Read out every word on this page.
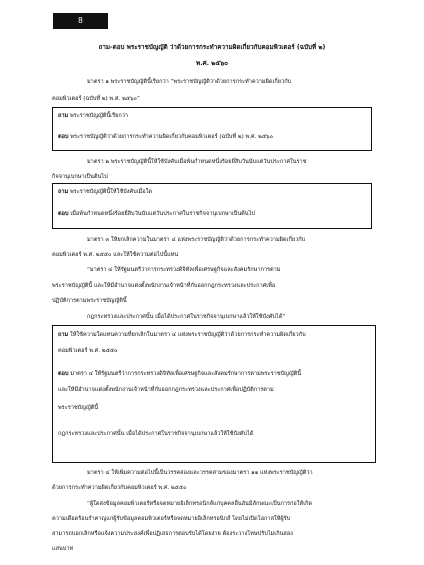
8
ถาม-ตอบ พระราชบัญญัติ ว่าด้วยการกระทำความผิดเกี่ยวกับคอมพิวเตอร์ (ฉบับที่ ๒)
พ.ศ. ๒๕๖๐
มาตรา ๑ พระราชบัญญัตินี้เรียกว่า “พระราชบัญญัติว่าด้วยการกระทำความผิดเกี่ยวกับ
คอมพิวเตอร์ (ฉบับที่ ๒) พ.ศ. ๒๕๖๐”
ถาม พระราชบัญญัตินี้เรียกว่า
ตอบ พระราชบัญญัติว่าด้วยการกระทำความผิดเกี่ยวกับคอมพิวเตอร์ (ฉบับที่ ๒) พ.ศ. ๒๕๖๐
มาตรา ๒ พระราชบัญญัตินี้ให้ใช้บังคับเมื่อพ้นกำหนดหนึ่งร้อยยี่สิบวันนับแต่วันประกาศในราช
กิจจานุเบกษาเป็นต้นไป
ถาม พระราชบัญญัตินี้ให้ใช้บังคับเมื่อใด
ตอบ เมื่อพ้นกำหนดหนึ่งร้อยยี่สิบวันนับแต่วันประกาศในราชกิจจานุเบกษาเป็นต้นไป
มาตรา ๓ ให้ยกเลิกความในมาตรา ๔ แห่งพระราชบัญญัติว่าด้วยการกระทำความผิดเกี่ยวกับ
คอมพิวเตอร์ พ.ศ. ๒๕๕๐ และให้ใช้ความต่อไปนี้แทน
“มาตรา ๔ ให้รัฐมนตรีว่าการกระทรวงดิจิทัลเพื่อเศรษฐกิจและสังคมรักษาการตาม
พระราชบัญญัตินี้ และให้มีอำนาจแต่งตั้งพนักงานเจ้าหน้าที่กับออกกฎกระทรวงและประกาศเพื่อ
ปฏิบัติการตามพระราชบัญญัตินี้
กฎกระทรวงและประกาศนั้น เมื่อได้ประกาศในราชกิจจานุเบกษาแล้วให้ใช้บังคับได้”
ถาม ให้ใช้ความใดแทนความที่ยกเลิกในมาตรา ๔ แห่งพระราชบัญญัติว่าด้วยการกระทำความผิดเกี่ยวกับ
คอมพิวเตอร์ พ.ศ. ๒๕๕๐
ตอบ มาตรา ๔ ให้รัฐมนตรีว่าการกระทรวงดิจิทัลเพื่อเศรษฐกิจและสังคมรักษาการตามพระราชบัญญัตินี้
และให้มีอำนาจแต่งตั้งพนักงานเจ้าหน้าที่กับออกกฎกระทรวงและประกาศเพื่อปฏิบัติการตาม
พระราชบัญญัตินี้
กฎกระทรวงและประกาศนั้น เมื่อได้ประกาศในราชกิจจานุเบกษาแล้วให้ใช้บังคับได้
มาตรา ๔ ให้เพิ่มความต่อไปนี้เป็นวรรคสองและวรรคสามของมาตรา ๑๑ แห่งพระราชบัญญัติว่า
ด้วยการกระทำความผิดเกี่ยวกับคอมพิวเตอร์ พ.ศ. ๒๕๕๐
“ผู้ใดส่งข้อมูลคอมพิวเตอร์หรือจดหมายอิเล็กทรอนิกส์แก่บุคคลอื่นอันมีลักษณะเป็นการก่อให้เกิด
ความเดือดร้อนรำคาญแก่ผู้รับข้อมูลคอมพิวเตอร์หรือจดหมายอิเล็กทรอนิกส์ โดยไม่เปิดโอกาสให้ผู้รับ
สามารถบอกเลิกหรือแจ้งความประสงค์เพื่อปฏิเสธการตอบรับได้โดยง่าย ต้องระวางโทษปรับไม่เกินสอง
แสนบาท
